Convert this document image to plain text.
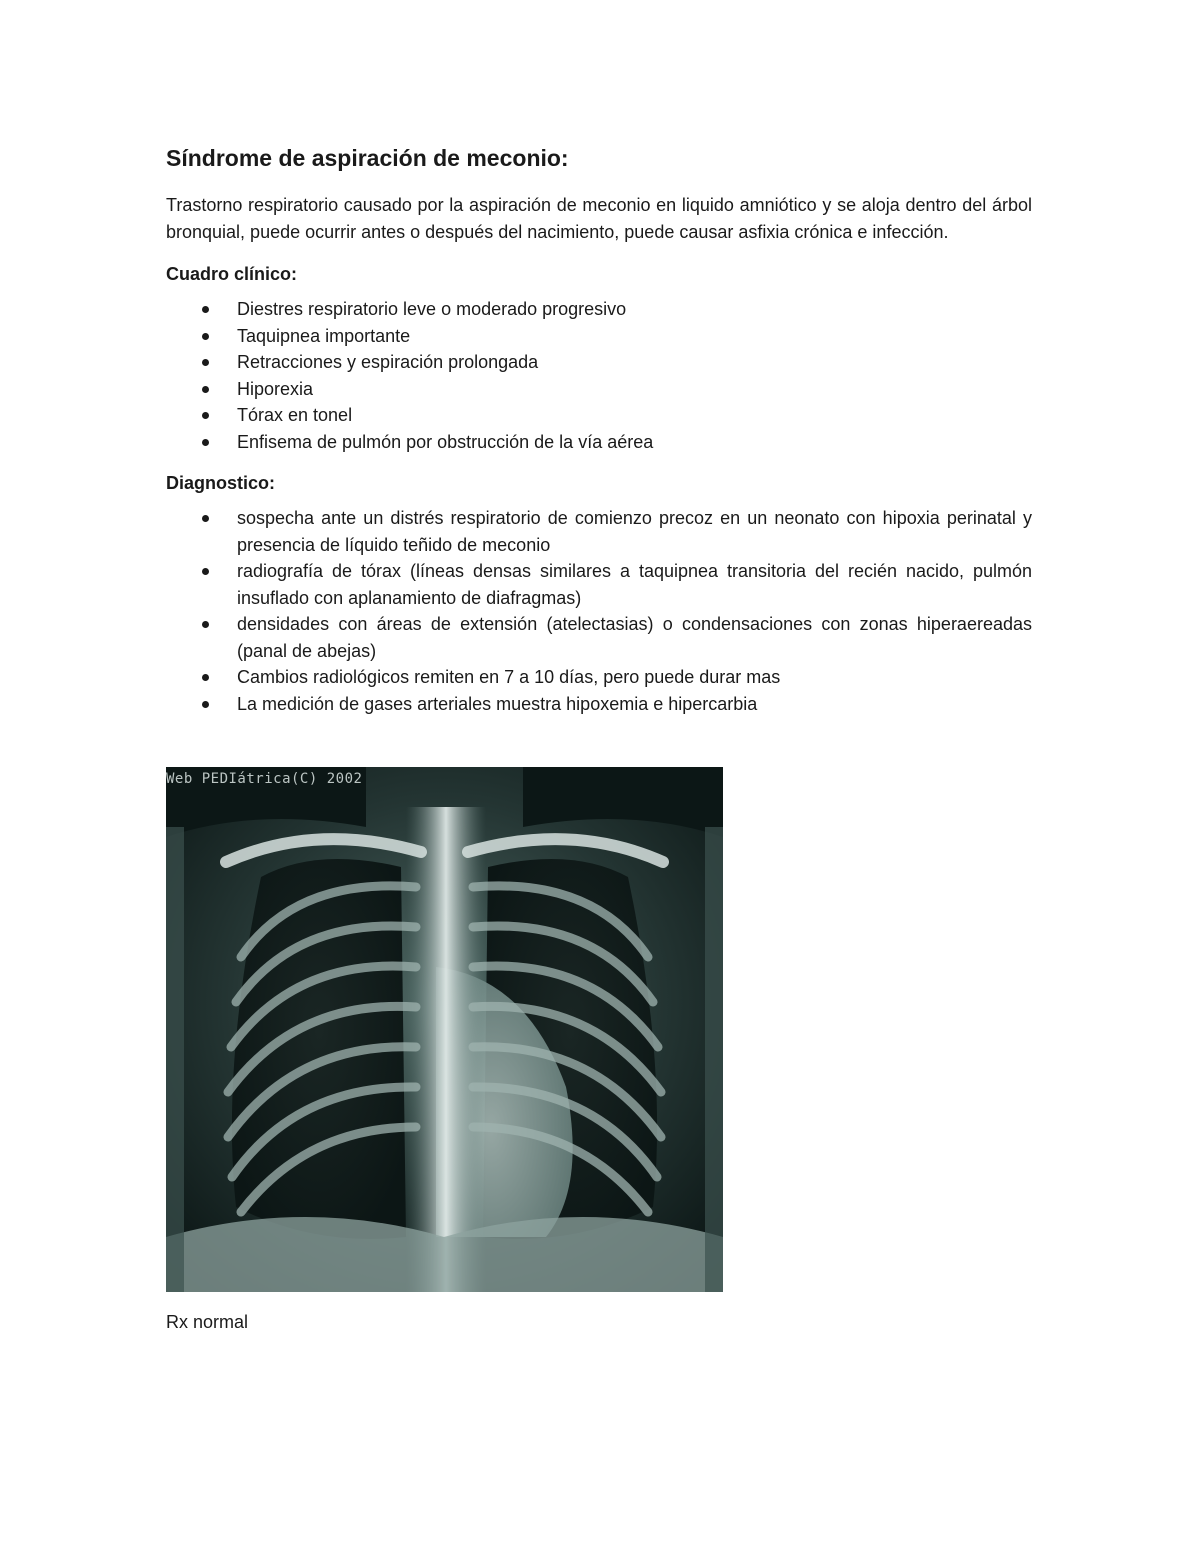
Síndrome de aspiración de meconio:

Trastorno respiratorio causado por la aspiración de meconio en liquido amniótico y se aloja dentro del árbol bronquial, puede ocurrir antes o después del nacimiento, puede causar asfixia crónica e infección.

Cuadro clínico:
Diestres respiratorio leve o moderado progresivo
Taquipnea importante
Retracciones y espiración prolongada
Hiporexia
Tórax en tonel
Enfisema de pulmón por obstrucción de la vía aérea
Diagnostico:
sospecha ante un distrés respiratorio de comienzo precoz en un neonato con hipoxia perinatal y presencia de líquido teñido de meconio
radiografía de tórax (líneas densas similares a taquipnea transitoria del recién nacido, pulmón insuflado con aplanamiento de diafragmas)
densidades con áreas de extensión (atelectasias) o condensaciones con zonas hiperaereadas (panal de abejas)
Cambios radiológicos remiten en 7 a 10 días, pero puede durar mas
La medición de gases arteriales muestra hipoxemia e hipercarbia
Web PEDIátrica(C) 2002
Rx normal
